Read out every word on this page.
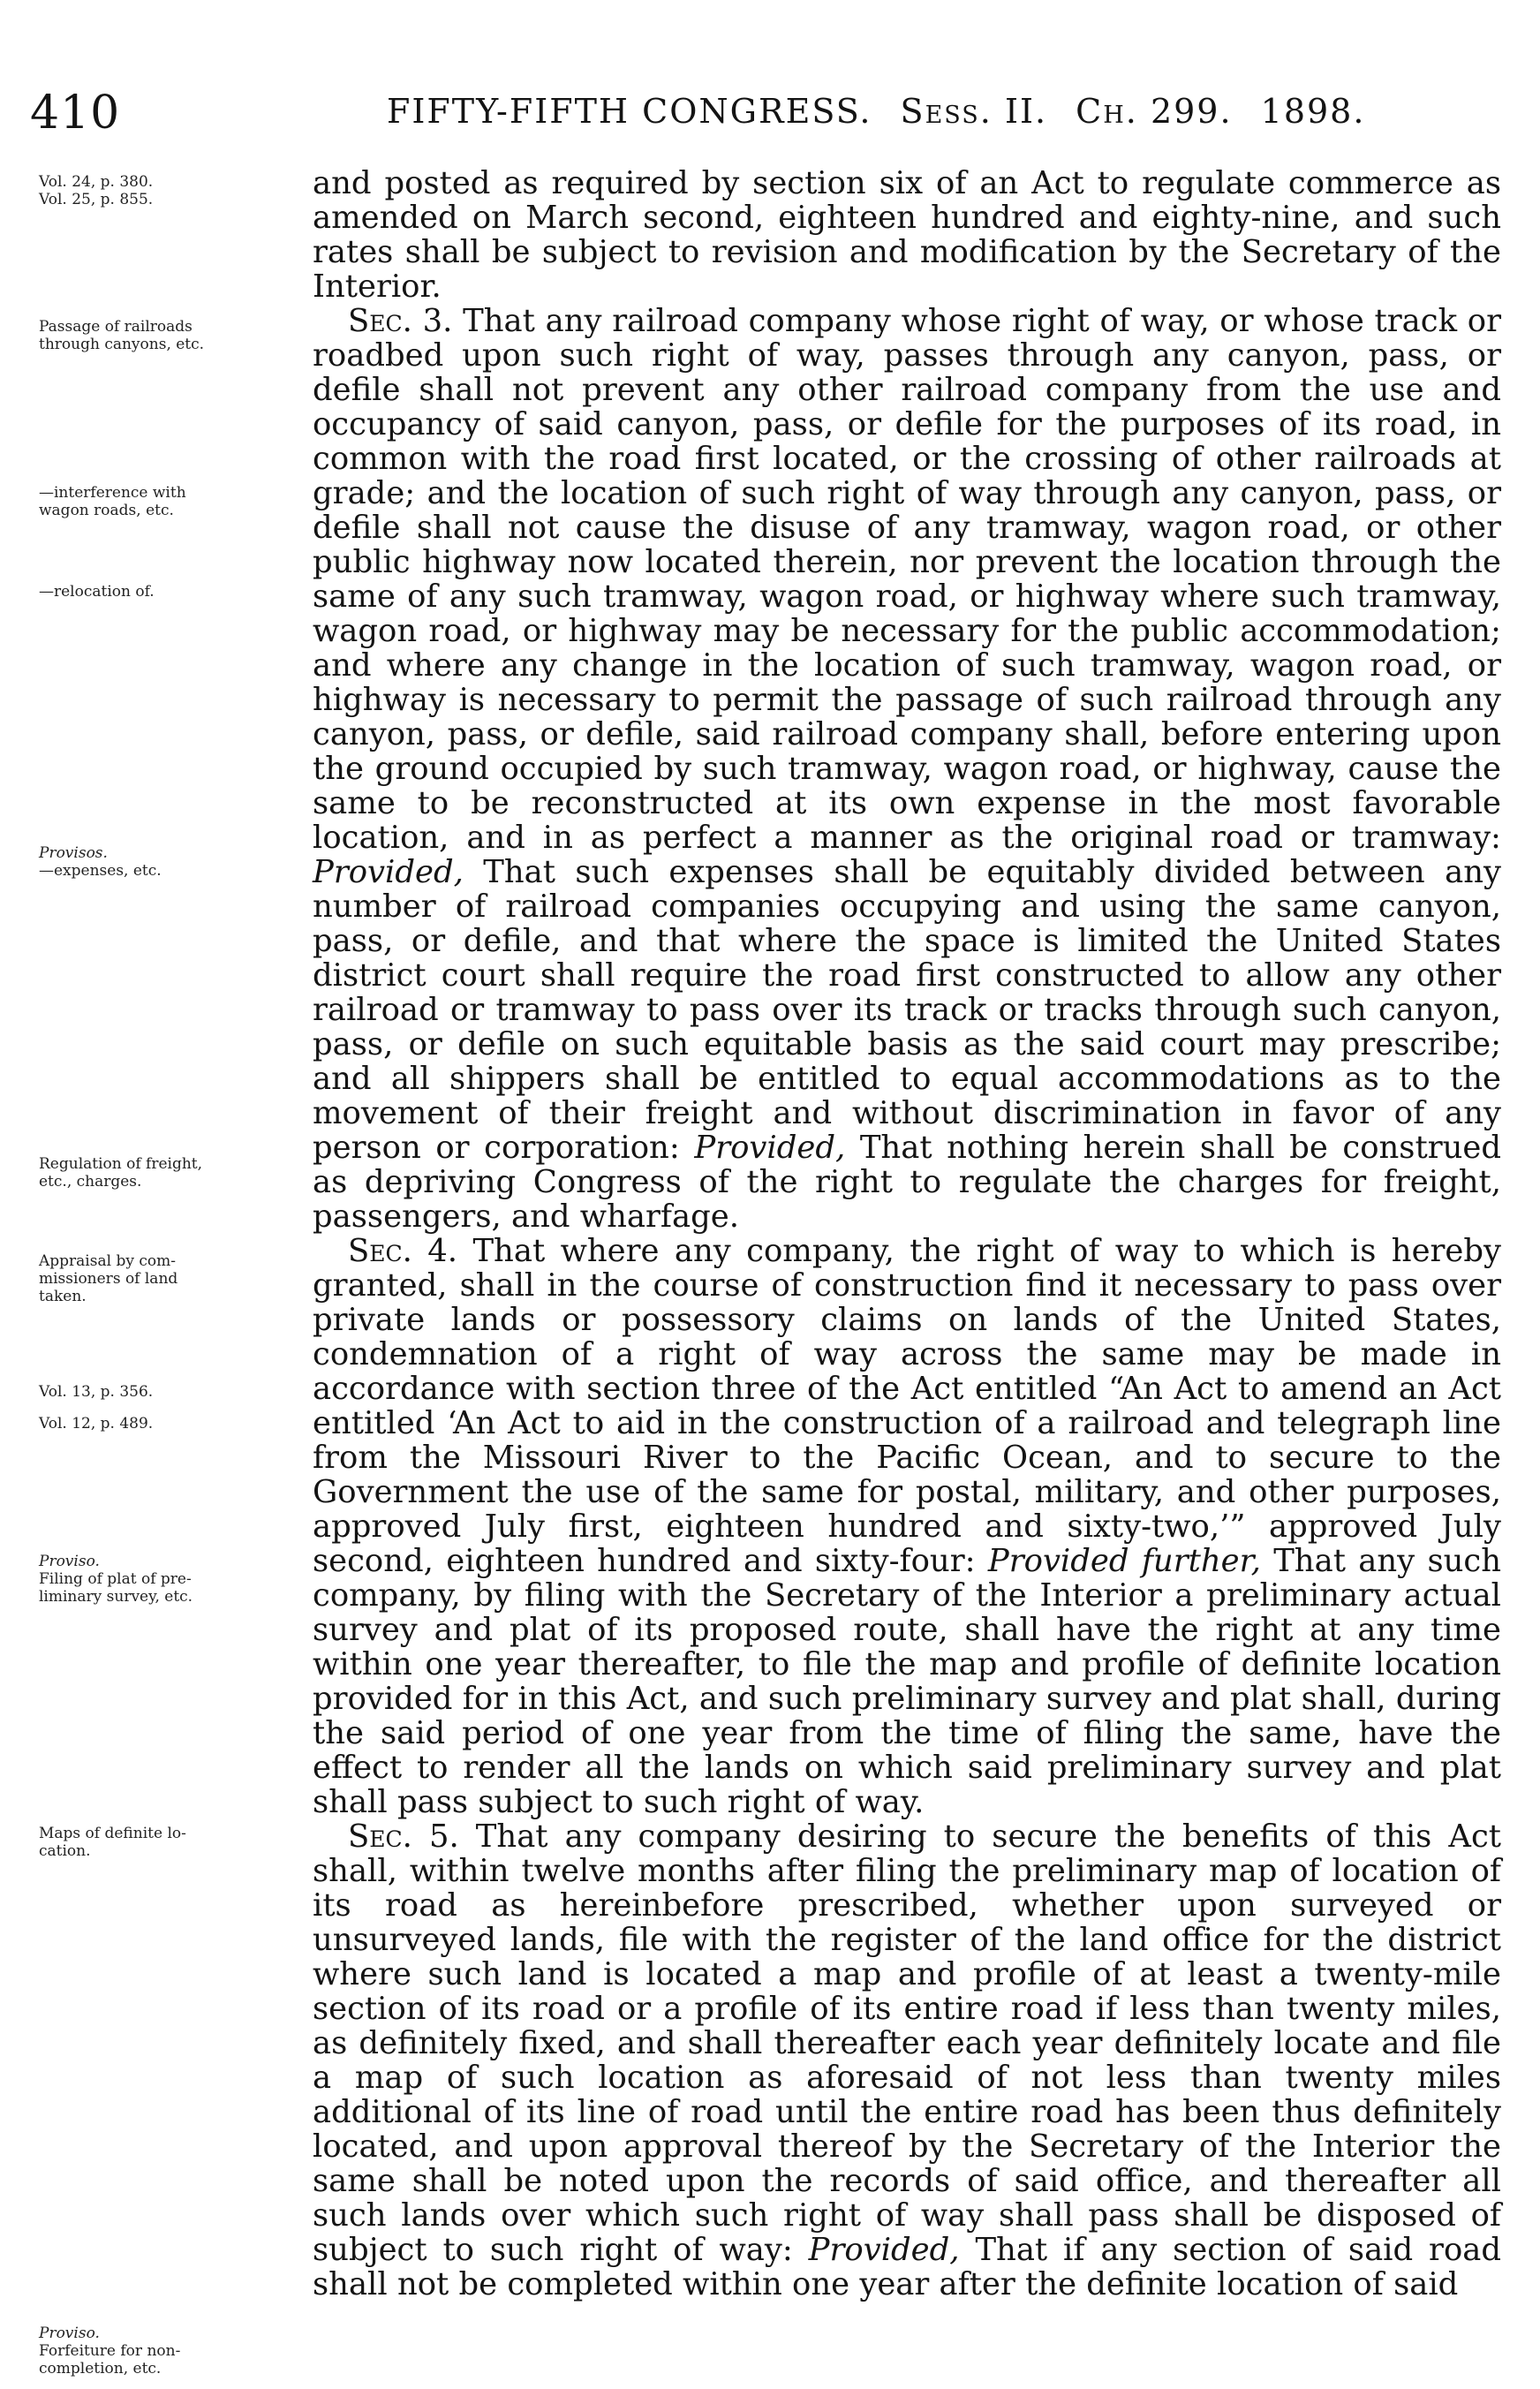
410	FIFTY-FIFTH CONGRESS. Sess. II. Ch. 299. 1898.
Vol. 24, p. 380.
Vol. 25, p. 855.
Passage of railroads
through canyons, etc.
—interference with
wagon roads, etc.
—relocation of.
Provisos.
—expenses, etc.
Regulation of freight,
etc., charges.
Appraisal by com-
missioners of land
taken.
Vol. 13, p. 356.
Vol. 12, p. 489.
Proviso.
Filing of plat of pre-
liminary survey, etc.
Maps of definite lo-
cation.
Proviso.
Forfeiture for non-
completion, etc.

and posted as required by section six of an Act to regulate commerce as amended on March second, eighteen hundred and eighty-nine, and such rates shall be subject to revision and modification by the Secretary of the Interior.

Sec. 3. That any railroad company whose right of way, or whose track or roadbed upon such right of way, passes through any canyon, pass, or defile shall not prevent any other railroad company from the use and occupancy of said canyon, pass, or defile for the purposes of its road, in common with the road first located, or the crossing of other railroads at grade; and the location of such right of way through any canyon, pass, or defile shall not cause the disuse of any tramway, wagon road, or other public highway now located therein, nor prevent the location through the same of any such tramway, wagon road, or highway where such tramway, wagon road, or highway may be necessary for the public accommodation; and where any change in the location of such tramway, wagon road, or highway is necessary to permit the passage of such railroad through any canyon, pass, or defile, said railroad company shall, before entering upon the ground occupied by such tramway, wagon road, or highway, cause the same to be reconstructed at its own expense in the most favorable location, and in as perfect a manner as the original road or tramway: Provided, That such expenses shall be equitably divided between any number of railroad companies occupying and using the same canyon, pass, or defile, and that where the space is limited the United States district court shall require the road first constructed to allow any other railroad or tramway to pass over its track or tracks through such canyon, pass, or defile on such equitable basis as the said court may prescribe; and all shippers shall be entitled to equal accommodations as to the movement of their freight and without discrimination in favor of any person or corporation: Provided, That nothing herein shall be construed as depriving Congress of the right to regulate the charges for freight, passengers, and wharfage.

Sec. 4. That where any company, the right of way to which is hereby granted, shall in the course of construction find it necessary to pass over private lands or possessory claims on lands of the United States, condemnation of a right of way across the same may be made in accordance with section three of the Act entitled “An Act to amend an Act entitled ‘An Act to aid in the construction of a railroad and telegraph line from the Missouri River to the Pacific Ocean, and to secure to the Government the use of the same for postal, military, and other purposes, approved July first, eighteen hundred and sixty-two,’” approved July second, eighteen hundred and sixty-four: Provided further, That any such company, by filing with the Secretary of the Interior a preliminary actual survey and plat of its proposed route, shall have the right at any time within one year thereafter, to file the map and profile of definite location provided for in this Act, and such preliminary survey and plat shall, during the said period of one year from the time of filing the same, have the effect to render all the lands on which said preliminary survey and plat shall pass subject to such right of way.

Sec. 5. That any company desiring to secure the benefits of this Act shall, within twelve months after filing the preliminary map of location of its road as hereinbefore prescribed, whether upon surveyed or unsurveyed lands, file with the register of the land office for the district where such land is located a map and profile of at least a twenty-mile section of its road or a profile of its entire road if less than twenty miles, as definitely fixed, and shall thereafter each year definitely locate and file a map of such location as aforesaid of not less than twenty miles additional of its line of road until the entire road has been thus definitely located, and upon approval thereof by the Secretary of the Interior the same shall be noted upon the records of said office, and thereafter all such lands over which such right of way shall pass shall be disposed of subject to such right of way: Provided, That if any section of said road shall not be completed within one year after the definite location of said
